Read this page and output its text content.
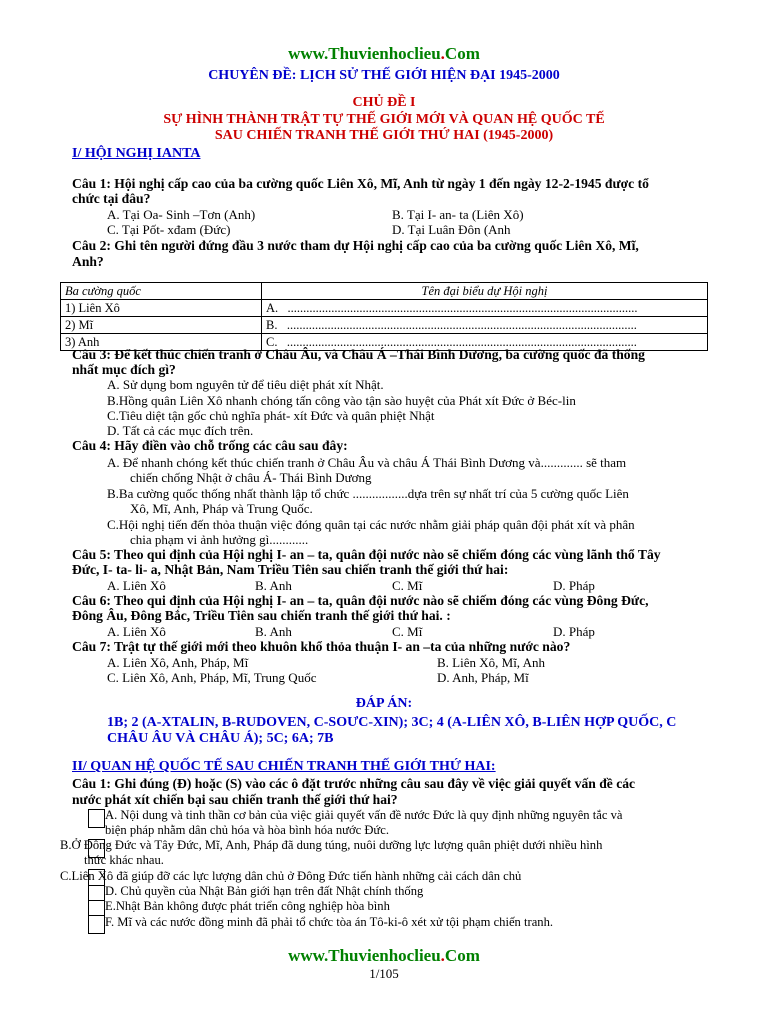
www.Thuvienhoclieu.Com
CHUYÊN ĐỀ: LỊCH SỬ THẾ GIỚI HIỆN ĐẠI 1945-2000
CHỦ ĐỀ I
SỰ HÌNH THÀNH TRẬT TỰ THẾ GIỚI MỚI VÀ QUAN HỆ QUỐC TẾ
SAU CHIẾN TRANH THẾ GIỚI THỨ HAI (1945-2000)
I/ HỘI NGHỊ IANTA
Câu 1: Hội nghị cấp cao của ba cường quốc Liên Xô, Mĩ, Anh từ ngày 1 đến ngày 12-2-1945 được tổ
chức tại đâu?
A. Tại Oa- Sinh –Tơn (Anh)	B. Tại I- an- ta (Liên Xô)
C. Tại Pốt- xđam (Đức)	D. Tại Luân Đôn (Anh
Câu 2: Ghi tên người đứng đầu 3 nước tham dự Hội nghị cấp cao của ba cường quốc Liên Xô, Mĩ,
Anh?
Ba cường quốc	Tên đại biểu dự Hội nghị
1) Liên Xô	A. ................................................................................................................
2) Mĩ	B. ................................................................................................................
3) Anh	C. ................................................................................................................
Câu 3: Để kết thúc chiến tranh ở Châu Âu, và Châu Á –Thái Bình Dương, ba cường quốc đã thống
nhất mục đích gì?
A. Sử dụng bom nguyên tử để tiêu diệt phát xít Nhật.
B.Hồng quân Liên Xô nhanh chóng tấn công vào tận sào huyệt của Phát xít Đức ở Béc-lin
C.Tiêu diệt tận gốc chủ nghĩa phát- xít Đức và quân phiệt Nhật
D. Tất cả các mục đích trên.
Câu 4: Hãy điền vào chỗ trống các câu sau đây:
A. Để nhanh chóng kết thúc chiến tranh ở Châu Âu và châu Á Thái Bình Dương và............. sẽ tham
chiến chống Nhật ở châu Á- Thái Bình Dương
B.Ba cường quốc thống nhất thành lập tổ chức .................dựa trên sự nhất trí của 5 cường quốc Liên
Xô, Mĩ, Anh, Pháp và Trung Quốc.
C.Hội nghị tiến đến thỏa thuận việc đóng quân tại các nước nhằm giải pháp quân đội phát xít và phân
chia phạm vi ảnh hưởng gì............
Câu 5: Theo qui định của Hội nghị I- an – ta, quân đội nước nào sẽ chiếm đóng các vùng lãnh thổ Tây
Đức, I- ta- li- a, Nhật Bản, Nam Triều Tiên sau chiến tranh thế giới thứ hai:
A. Liên Xô	B. Anh	C. Mĩ	D. Pháp
Câu 6: Theo qui định của Hội nghị I- an – ta, quân đội nước nào sẽ chiếm đóng các vùng Đông Đức,
Đông Âu, Đông Bắc, Triều Tiên sau chiến tranh thế giới thứ hai. :
A. Liên Xô	B. Anh	C. Mĩ	D. Pháp
Câu 7: Trật tự thế giới mới theo khuôn khổ thỏa thuận I- an –ta của những nước nào?
A. Liên Xô, Anh, Pháp, Mĩ	B. Liên Xô, Mĩ, Anh
C. Liên Xô, Anh, Pháp, Mĩ, Trung Quốc	D. Anh, Pháp, Mĩ
ĐÁP ÁN:
1B; 2 (A-XTALIN, B-RUDOVEN, C-SOƯC-XIN); 3C; 4 (A-LIÊN XÔ, B-LIÊN HỢP QUỐC, C
CHÂU ÂU VÀ CHÂU Á); 5C; 6A; 7B
II/ QUAN HỆ QUỐC TẾ SAU CHIẾN TRANH THẾ GIỚI THỨ HAI:
Câu 1: Ghi đúng (Đ) hoặc (S) vào các ô đặt trước những câu sau đây về việc giải quyết vấn đề các
nước phát xít chiến bại sau chiến tranh thế giới thứ hai?
A. Nội dung và tinh thần cơ bản của việc giải quyết vấn đề nước Đức là quy định những nguyên tắc và
biện pháp nhằm dân chủ hóa và hòa bình hóa nước Đức.
B.Ở Đông Đức và Tây Đức, Mĩ, Anh, Pháp đã dung túng, nuôi dưỡng lực lượng quân phiệt dưới nhiều hình
thức khác nhau.
C.Liên Xô đã giúp đỡ các lực lượng dân chủ ở Đông Đức tiến hành những cải cách dân chủ
D. Chủ quyền của Nhật Bản giới hạn trên đất Nhật chính thống
E.Nhật Bản không được phát triển công nghiệp hòa bình
F. Mĩ và các nước đồng minh đã phải tổ chức tòa án Tô-ki-ô xét xử tội phạm chiến tranh.
www.Thuvienhoclieu.Com
1/105
